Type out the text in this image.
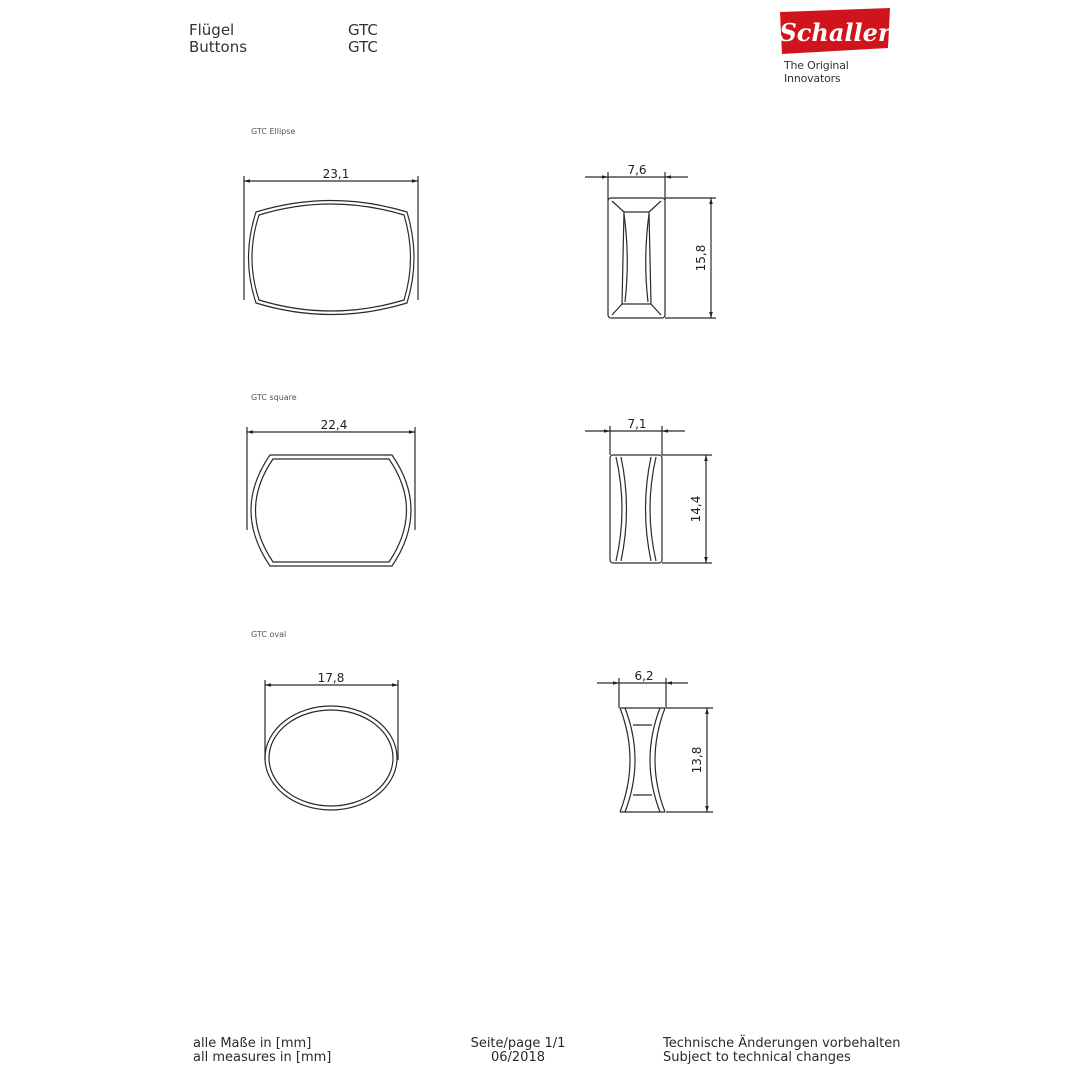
Flügel
Buttons
GTC
GTC	Schaller
The Original Innovators
GTC Ellipse
GTC square
GTC oval
23,1	7,6
15,8
22,4	7,1
14,4
17,8	6,2
13,8
alle Maße in [mm]
all measures in [mm]
Seite/page 1/1
06/2018
Technische Änderungen vorbehalten
Subject to technical changes
